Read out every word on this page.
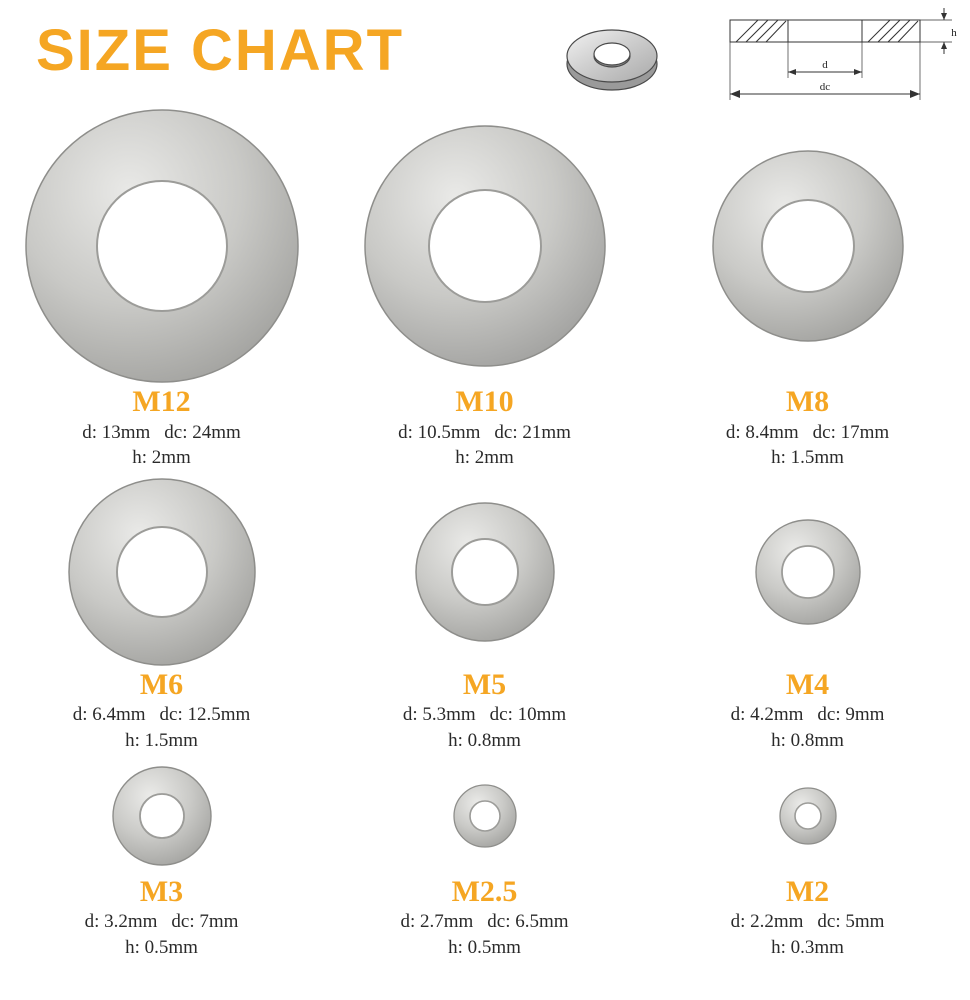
SIZE CHART	d
dc
h
M12
d: 13mm dc: 24mm
h: 2mm
M10
d: 10.5mm dc: 21mm
h: 2mm
M8
d: 8.4mm dc: 17mm
h: 1.5mm
M6
d: 6.4mm dc: 12.5mm
h: 1.5mm
M5
d: 5.3mm dc: 10mm
h: 0.8mm
M4
d: 4.2mm dc: 9mm
h: 0.8mm
M3
d: 3.2mm dc: 7mm
h: 0.5mm
M2.5
d: 2.7mm dc: 6.5mm
h: 0.5mm
M2
d: 2.2mm dc: 5mm
h: 0.3mm
